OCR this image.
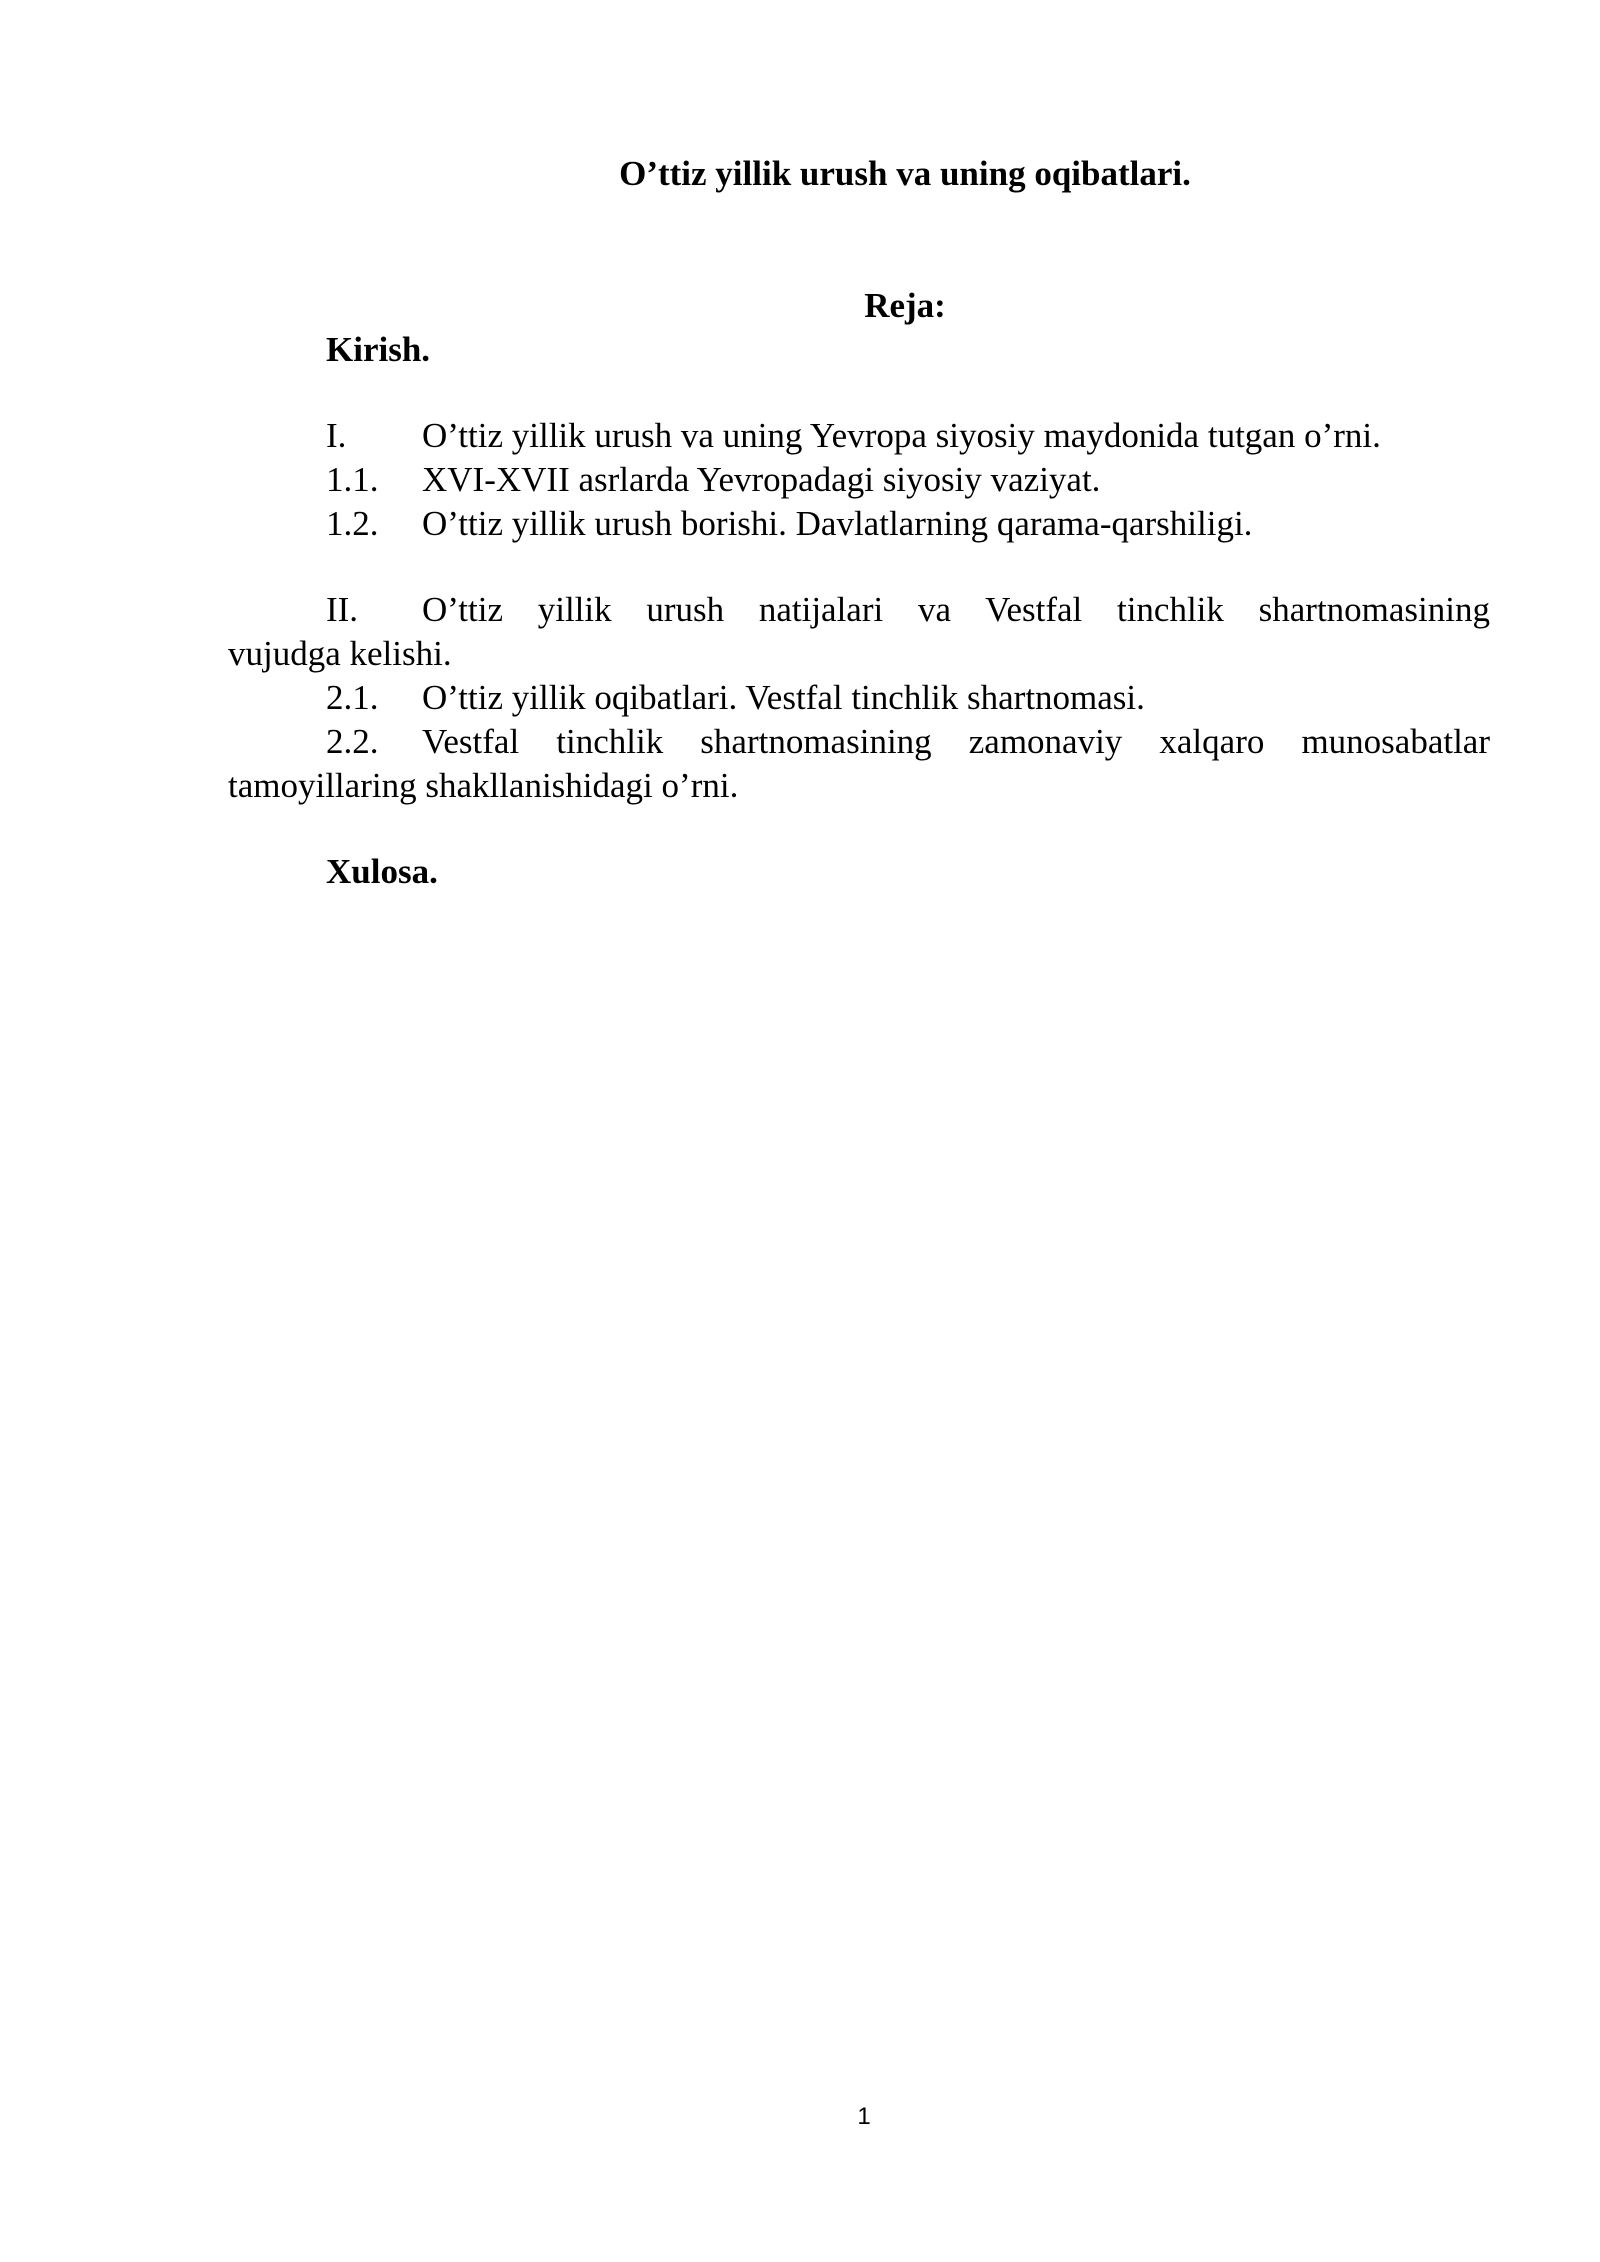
O’ttiz yillik urush va uning oqibatlari.
Reja:
Kirish.
I. O’ttiz yillik urush va uning Yevropa siyosiy maydonida tutgan o’rni.
1.1. XVI-XVII asrlarda Yevropadagi siyosiy vaziyat.
1.2. O’ttiz yillik urush borishi. Davlatlarning qarama-qarshiligi.
II. O’ttiz yillik urush natijalari va Vestfal tinchlik shartnomasining
vujudga kelishi.
2.1. O’ttiz yillik oqibatlari. Vestfal tinchlik shartnomasi.
2.2. Vestfal tinchlik shartnomasining zamonaviy xalqaro munosabatlar
tamoyillaring shakllanishidagi o’rni.
Xulosa.
1
